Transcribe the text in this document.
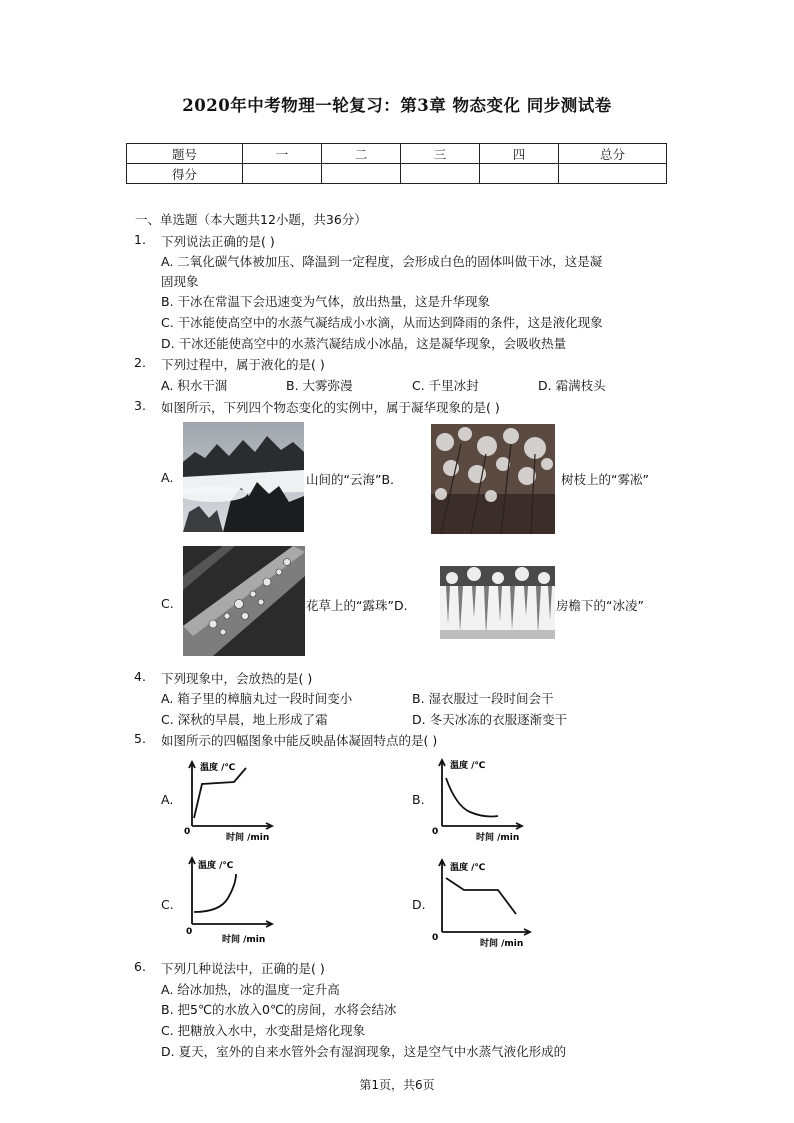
2020年中考物理一轮复习：第3章 物态变化 同步测试卷
题号	一	二	三	四	总分
得分					
一、单选题（本大题共12小题，共36分）
1. 下列说法正确的是( )
A. 二氧化碳气体被加压、降温到一定程度，会形成白色的固体叫做干冰，这是凝
固现象
B. 干冰在常温下会迅速变为气体，放出热量，这是升华现象
C. 干冰能使高空中的水蒸气凝结成小水滴，从而达到降雨的条件，这是液化现象
D. 干冰还能使高空中的水蒸汽凝结成小冰晶，这是凝华现象，会吸收热量
2. 下列过程中，属于液化的是( )
A. 积水干涸	B. 大雾弥漫	C. 千里冰封	D. 霜满枝头
3. 如图所示，下列四个物态变化的实例中，属于凝华现象的是( )
A.	山间的“云海”B.	树枝上的“雾凇”
C.	花草上的“露珠”D.	房檐下的“冰凌”
4. 下列现象中，会放热的是( )
A. 箱子里的樟脑丸过一段时间变小	B. 湿衣服过一段时间会干
C. 深秋的早晨，地上形成了霜	D. 冬天冰冻的衣服逐渐变干
5. 如图所示的四幅图象中能反映晶体凝固特点的是( )
A.
温度 /℃
0
时间 /min
B.
温度 /℃
0
时间 /min
C.
温度 /℃
0
时间 /min
D.
温度 /℃
0
时间 /min
6. 下列几种说法中，正确的是( )
A. 给冰加热，冰的温度一定升高
B. 把5℃的水放入0℃的房间，水将会结冰
C. 把糖放入水中，水变甜是熔化现象
D. 夏天，室外的自来水管外会有湿润现象，这是空气中水蒸气液化形成的
第1页，共6页
